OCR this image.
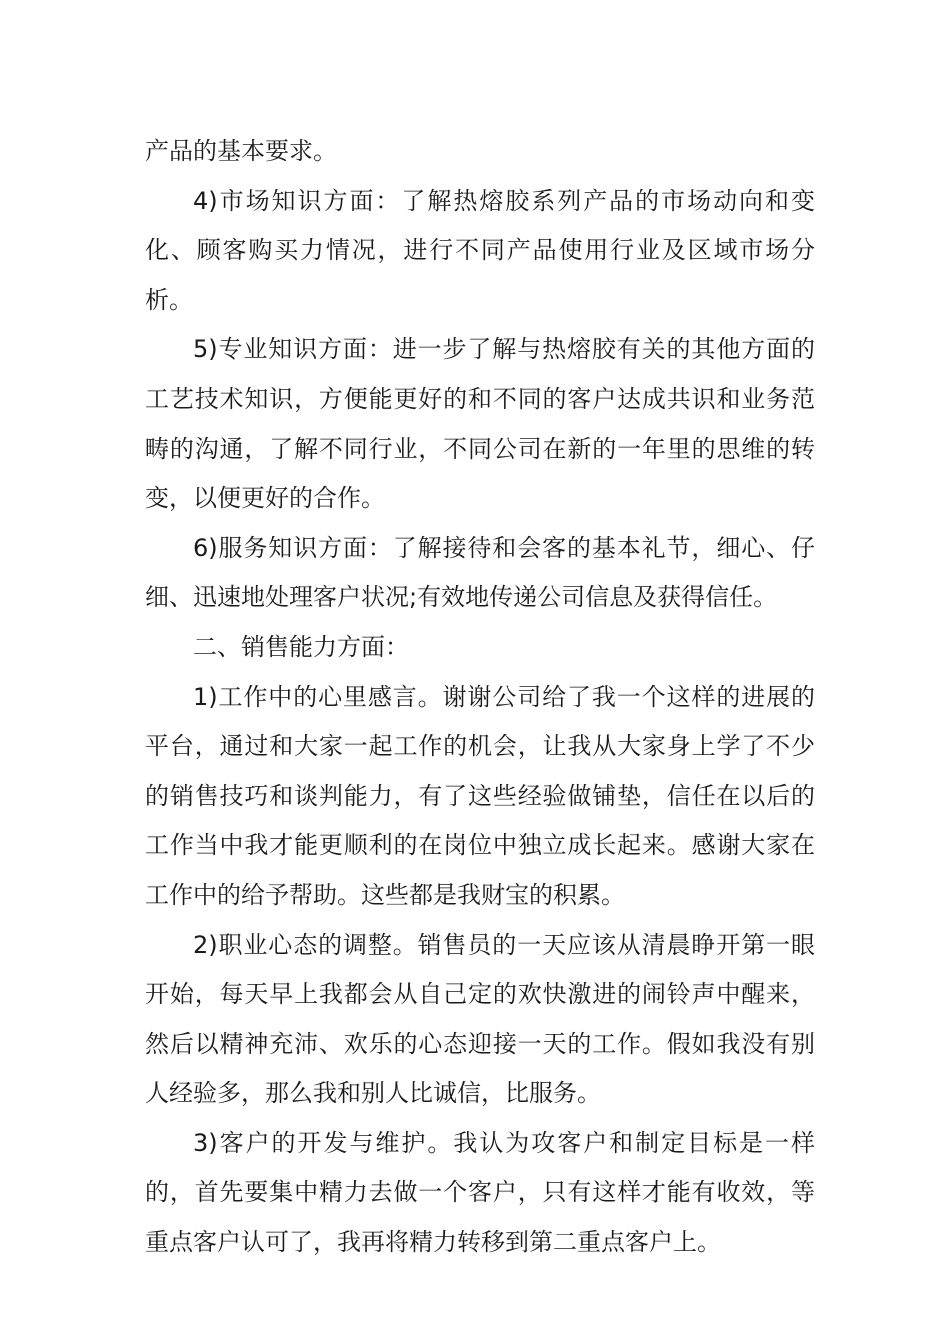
产品的基本要求。

4)市场知识方面：了解热熔胶系列产品的市场动向和变化、顾客购买力情况，进行不同产品使用行业及区域市场分析。

5)专业知识方面：进一步了解与热熔胶有关的其他方面的工艺技术知识，方便能更好的和不同的客户达成共识和业务范畴的沟通，了解不同行业，不同公司在新的一年里的思维的转变，以便更好的合作。

6)服务知识方面：了解接待和会客的基本礼节，细心、仔细、迅速地处理客户状况;有效地传递公司信息及获得信任。

二、销售能力方面：

1)工作中的心里感言。谢谢公司给了我一个这样的进展的平台，通过和大家一起工作的机会，让我从大家身上学了不少的销售技巧和谈判能力，有了这些经验做铺垫，信任在以后的工作当中我才能更顺利的在岗位中独立成长起来。感谢大家在工作中的给予帮助。这些都是我财宝的积累。

2)职业心态的调整。销售员的一天应该从清晨睁开第一眼开始，每天早上我都会从自己定的欢快激进的闹铃声中醒来，然后以精神充沛、欢乐的心态迎接一天的工作。假如我没有别人经验多，那么我和别人比诚信，比服务。

3)客户的开发与维护。我认为攻客户和制定目标是一样的，首先要集中精力去做一个客户，只有这样才能有收效，等重点客户认可了，我再将精力转移到第二重点客户上。
